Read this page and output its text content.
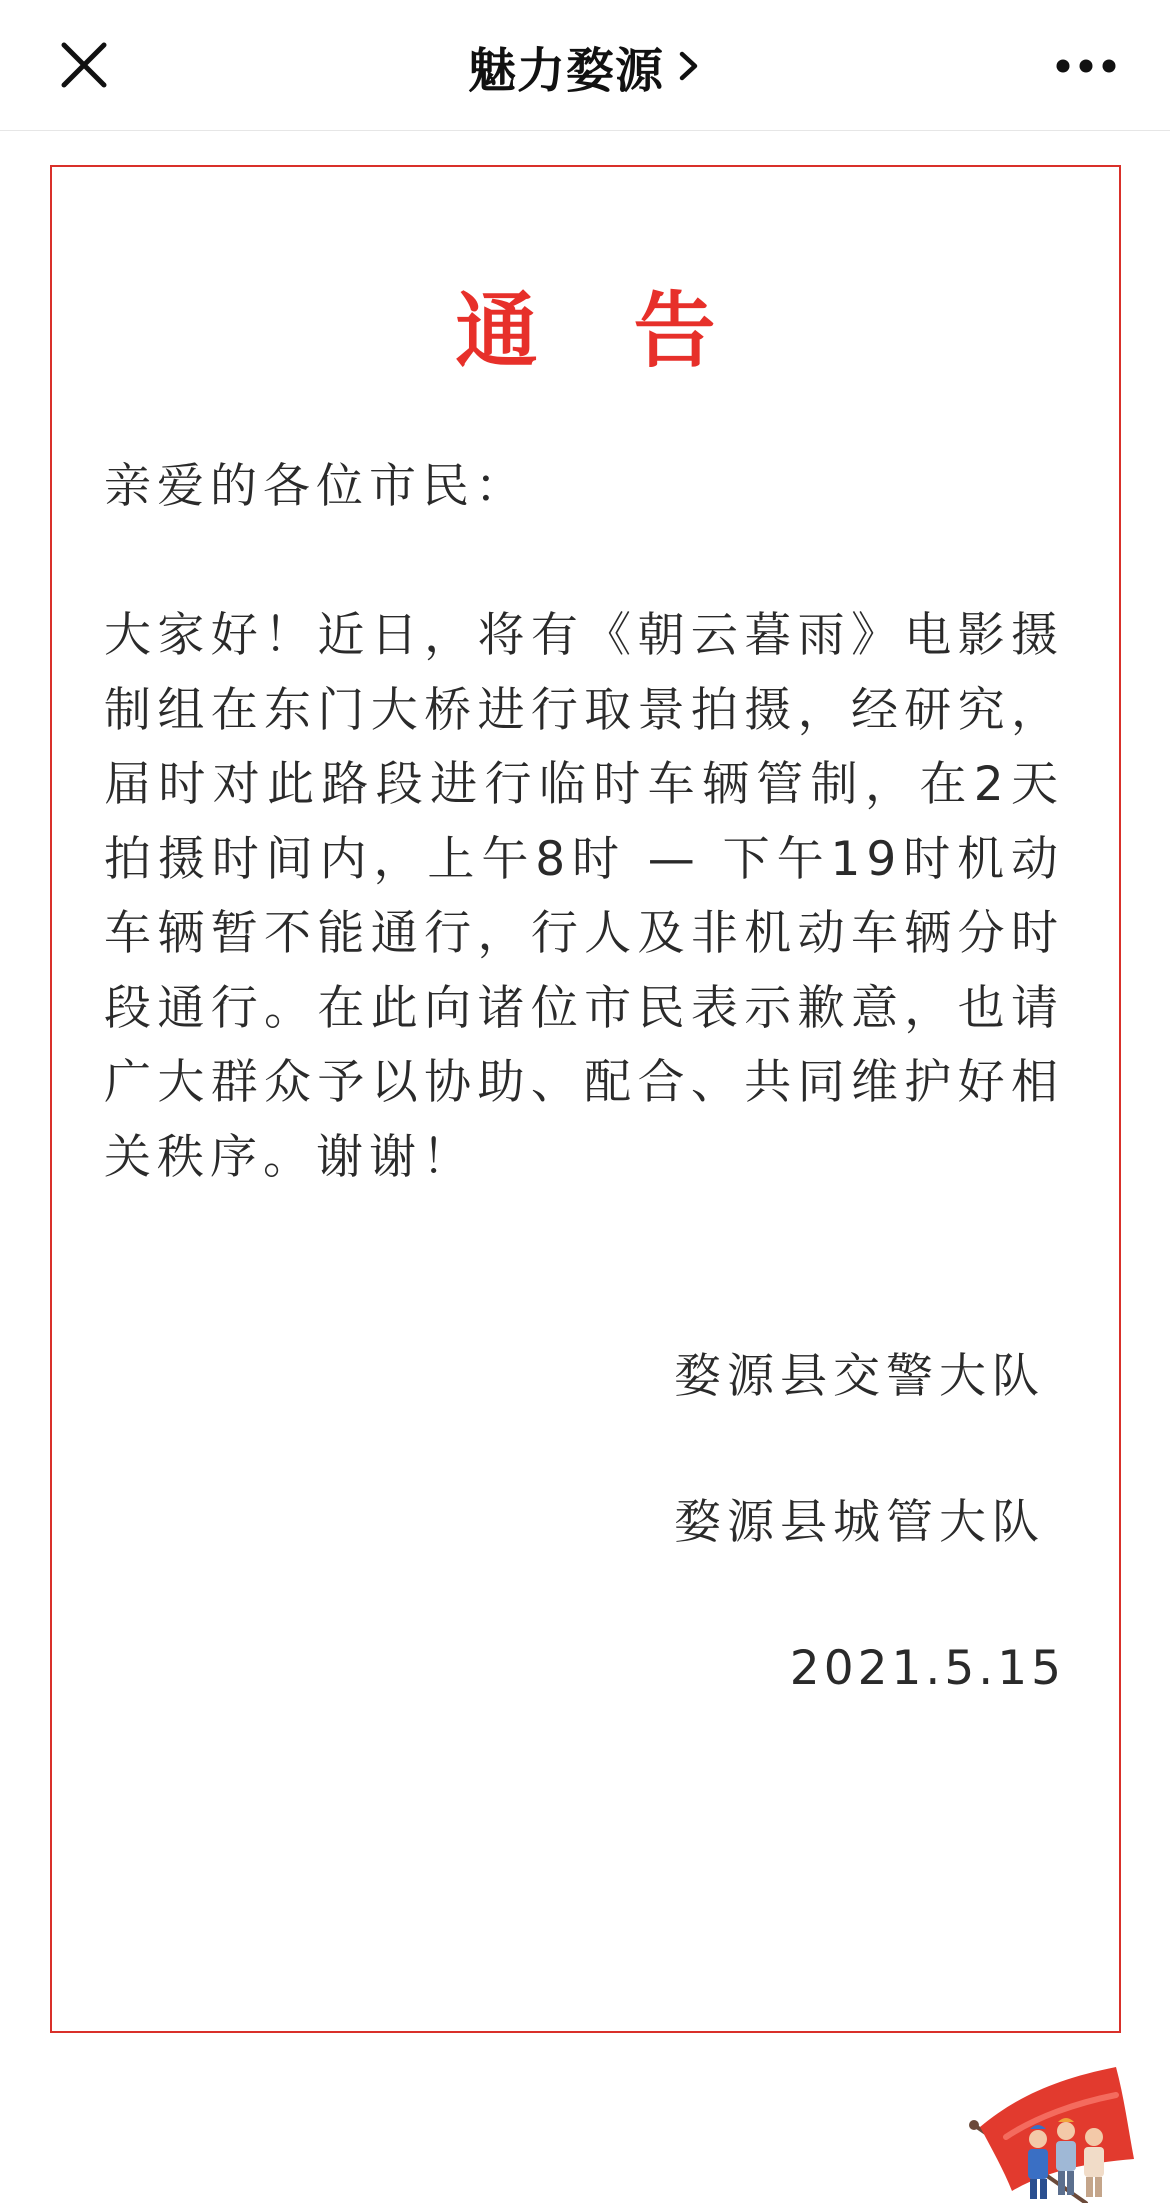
魅力婺源
通告
亲爱的各位市民：
大家好！近日，将有《朝云暮雨》电影摄制组在东门大桥进行取景拍摄，经研究，届时对此路段进行临时车辆管制，在2天拍摄时间内，上午8时 — 下午19时机动车辆暂不能通行，行人及非机动车辆分时段通行。在此向诸位市民表示歉意，也请广大群众予以协助、配合、共同维护好相关秩序。谢谢！
婺源县交警大队
婺源县城管大队
2021.5.15
